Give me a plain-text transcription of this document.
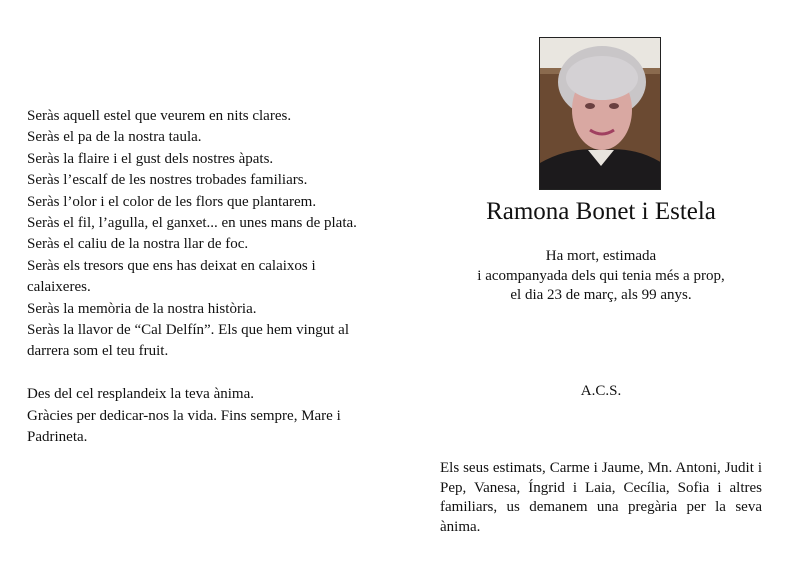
Seràs aquell estel que veurem en nits clares.
Seràs el pa de la nostra taula.
Seràs la flaire i el gust dels nostres àpats.
Seràs l’escalf de les nostres trobades familiars.
Seràs l’olor i el color de les flors que plantarem.
Seràs el fil, l’agulla, el ganxet... en unes mans de plata.
Seràs el caliu de la nostra llar de foc.
Seràs els tresors que ens has deixat en calaixos i
calaixeres.
Seràs la memòria de la nostra història.
Seràs la llavor de “Cal Delfín”. Els que hem vingut al
darrera som el teu fruit.
Des del cel resplandeix la teva ànima.
Gràcies per dedicar-nos la vida. Fins sempre, Mare i
Padrineta.
Ramona Bonet i Estela
Ha mort, estimada
i acompanyada dels qui tenia més a prop,
el dia 23 de març, als 99 anys.
A.C.S.
Els seus estimats, Carme i Jaume, Mn. Antoni, Judit i Pep, Vanesa, Íngrid i Laia, Cecília, Sofia i altres familiars, us demanem una pregària per la seva ànima.
